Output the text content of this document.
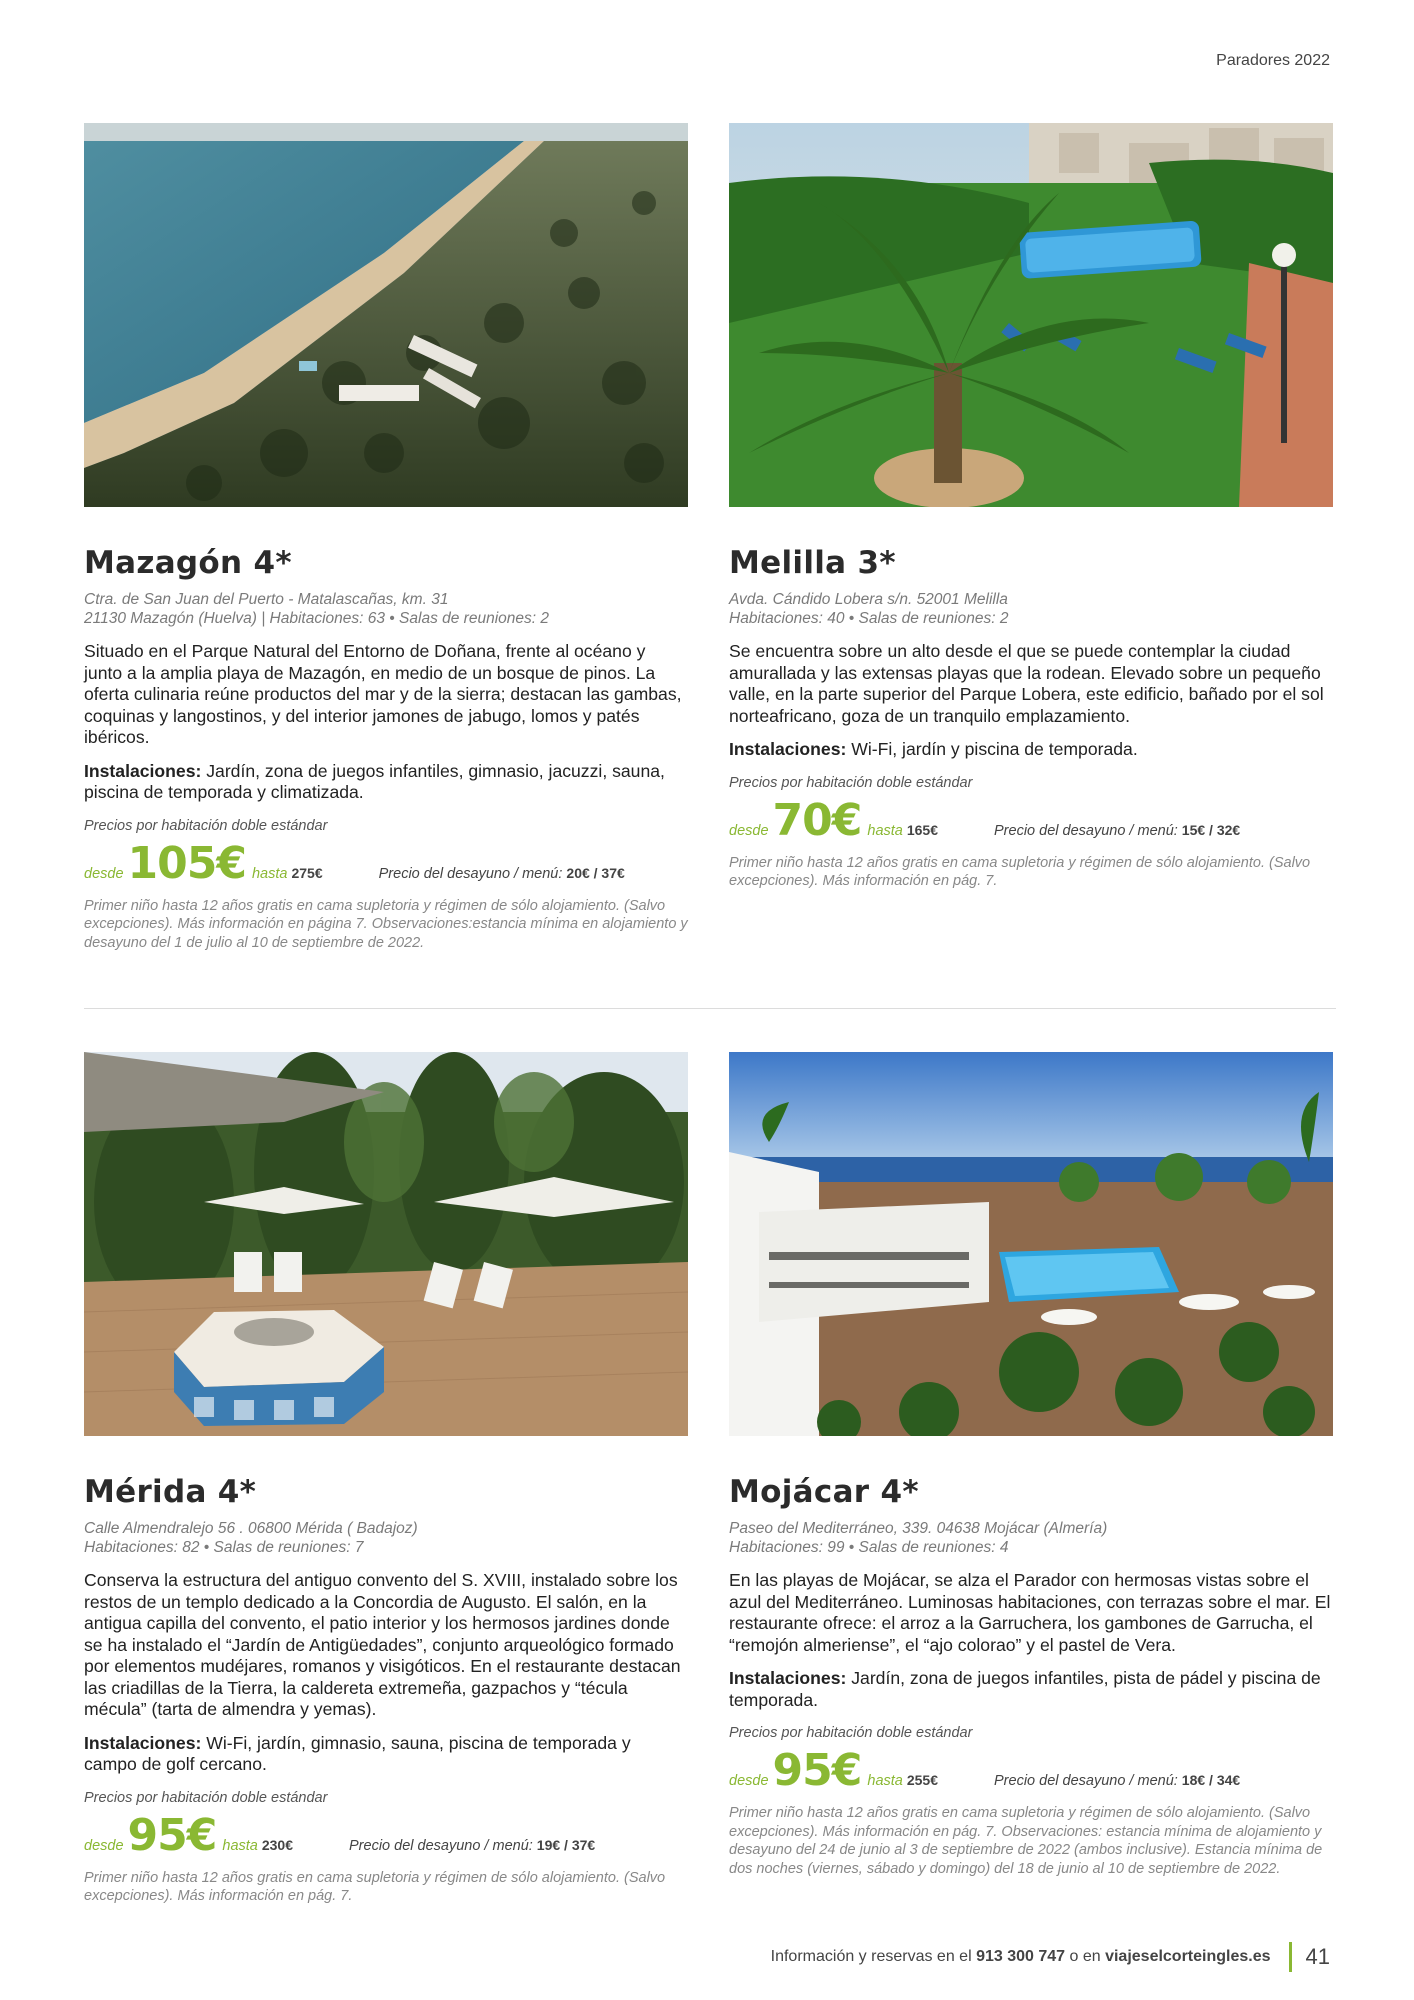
Paradores 2022
Mazagón 4*
Ctra. de San Juan del Puerto - Matalascañas, km. 31
21130 Mazagón (Huelva) | Habitaciones: 63 • Salas de reuniones: 2

Situado en el Parque Natural del Entorno de Doñana, frente al océano y junto a la amplia playa de Mazagón, en medio de un bosque de pinos. La oferta culinaria reúne productos del mar y de la sierra; destacan las gambas, coquinas y langostinos, y del interior jamones de jabugo, lomos y patés ibéricos.

Instalaciones: Jardín, zona de juegos infantiles, gimnasio, jacuzzi, sauna, piscina de temporada y climatizada.

Precios por habitación doble estándar
desde 105€ hasta 275€	Precio del desayuno / menú: 20€ / 37€

Primer niño hasta 12 años gratis en cama supletoria y régimen de sólo alojamiento. (Salvo excepciones). Más información en página 7. Observaciones:estancia mínima en alojamiento y desayuno del 1 de julio al 10 de septiembre de 2022.

Melilla 3*
Avda. Cándido Lobera s/n. 52001 Melilla
Habitaciones: 40 • Salas de reuniones: 2

Se encuentra sobre un alto desde el que se puede contemplar la ciudad amurallada y las extensas playas que la rodean. Elevado sobre un pequeño valle, en la parte superior del Parque Lobera, este edificio, bañado por el sol norteafricano, goza de un tranquilo emplazamiento.

Instalaciones: Wi-Fi, jardín y piscina de temporada.

Precios por habitación doble estándar
desde 70€ hasta 165€	Precio del desayuno / menú: 15€ / 32€

Primer niño hasta 12 años gratis en cama supletoria y régimen de sólo alojamiento. (Salvo excepciones). Más información en pág. 7.

Mérida 4*
Calle Almendralejo 56 . 06800 Mérida ( Badajoz)
Habitaciones: 82 • Salas de reuniones: 7

Conserva la estructura del antiguo convento del S. XVIII, instalado sobre los restos de un templo dedicado a la Concordia de Augusto. El salón, en la antigua capilla del convento, el patio interior y los hermosos jardines donde se ha instalado el “Jardín de Antigüedades”, conjunto arqueológico formado por elementos mudéjares, romanos y visigóticos. En el restaurante destacan las criadillas de la Tierra, la caldereta extremeña, gazpachos y “técula mécula” (tarta de almendra y yemas).

Instalaciones: Wi-Fi, jardín, gimnasio, sauna, piscina de temporada y campo de golf cercano.

Precios por habitación doble estándar
desde 95€ hasta 230€	Precio del desayuno / menú: 19€ / 37€

Primer niño hasta 12 años gratis en cama supletoria y régimen de sólo alojamiento. (Salvo excepciones). Más información en pág. 7.

Mojácar 4*
Paseo del Mediterráneo, 339. 04638 Mojácar (Almería)
Habitaciones: 99 • Salas de reuniones: 4

En las playas de Mojácar, se alza el Parador con hermosas vistas sobre el azul del Mediterráneo. Luminosas habitaciones, con terrazas sobre el mar. El restaurante ofrece: el arroz a la Garruchera, los gambones de Garrucha, el “remojón almeriense”, el “ajo colorao” y el pastel de Vera.

Instalaciones: Jardín, zona de juegos infantiles, pista de pádel y piscina de temporada.

Precios por habitación doble estándar
desde 95€ hasta 255€	Precio del desayuno / menú: 18€ / 34€

Primer niño hasta 12 años gratis en cama supletoria y régimen de sólo alojamiento. (Salvo excepciones). Más información en pág. 7. Observaciones: estancia mínima de alojamiento y desayuno del 24 de junio al 3 de septiembre de 2022 (ambos inclusive). Estancia mínima de dos noches (viernes, sábado y domingo) del 18 de junio al 10 de septiembre de 2022.

Información y reservas en el 913 300 747 o en viajeselcorteingles.es 41
